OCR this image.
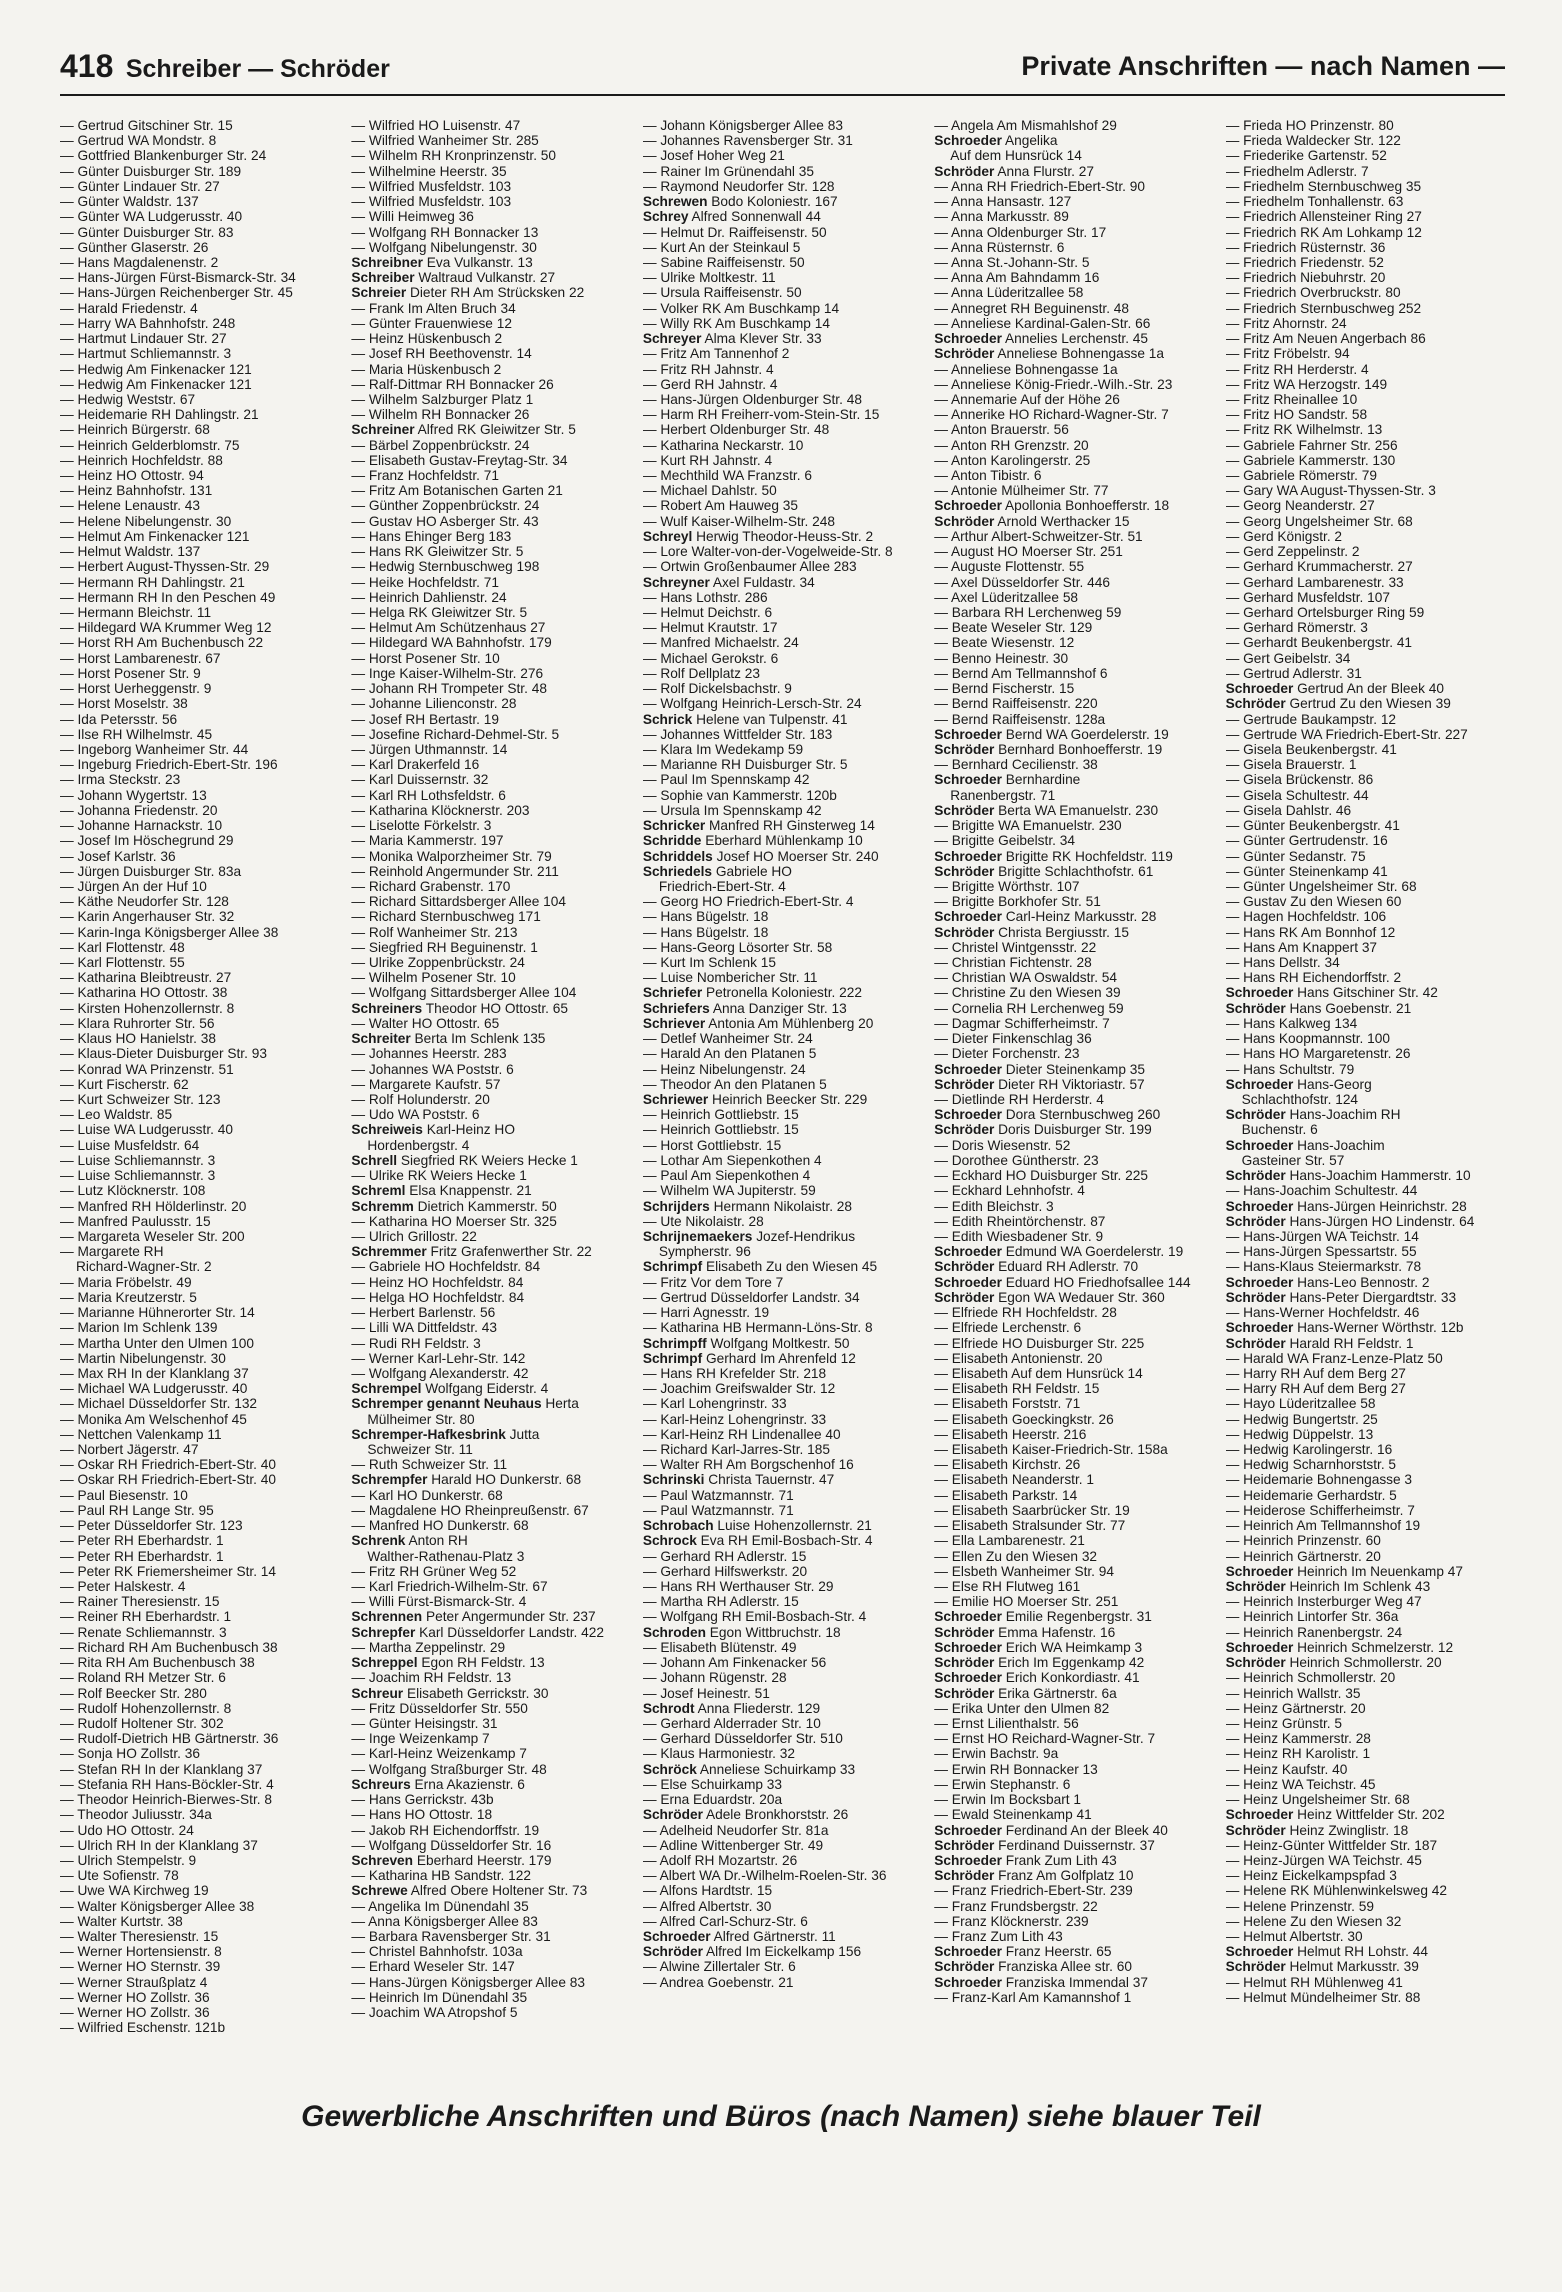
418 Schreiber — Schröder	Private Anschriften — nach Namen —
— Gertrud Gitschiner Str. 15
— Gertrud WA Mondstr. 8
— Gottfried Blankenburger Str. 24
— Günter Duisburger Str. 189
— Günter Lindauer Str. 27
— Günter Waldstr. 137
— Günter WA Ludgerusstr. 40
— Günter Duisburger Str. 83
— Günther Glaserstr. 26
— Hans Magdalenenstr. 2
— Hans-Jürgen Fürst-Bismarck-Str. 34
— Hans-Jürgen Reichenberger Str. 45
— Harald Friedenstr. 4
— Harry WA Bahnhofstr. 248
— Hartmut Lindauer Str. 27
— Hartmut Schliemannstr. 3
— Hedwig Am Finkenacker 121
— Hedwig Am Finkenacker 121
— Hedwig Weststr. 67
— Heidemarie RH Dahlingstr. 21
— Heinrich Bürgerstr. 68
— Heinrich Gelderblomstr. 75
— Heinrich Hochfeldstr. 88
— Heinz HO Ottostr. 94
— Heinz Bahnhofstr. 131
— Helene Lenaustr. 43
— Helene Nibelungenstr. 30
— Helmut Am Finkenacker 121
— Helmut Waldstr. 137
— Herbert August-Thyssen-Str. 29
— Hermann RH Dahlingstr. 21
— Hermann RH In den Peschen 49
— Hermann Bleichstr. 11
— Hildegard WA Krummer Weg 12
— Horst RH Am Buchenbusch 22
— Horst Lambarenestr. 67
— Horst Posener Str. 9
— Horst Uerheggenstr. 9
— Horst Moselstr. 38
— Ida Petersstr. 56
— Ilse RH Wilhelmstr. 45
— Ingeborg Wanheimer Str. 44
— Ingeburg Friedrich-Ebert-Str. 196
— Irma Steckstr. 23
— Johann Wygertstr. 13
— Johanna Friedenstr. 20
— Johanne Harnackstr. 10
— Josef Im Höschegrund 29
— Josef Karlstr. 36
— Jürgen Duisburger Str. 83a
— Jürgen An der Huf 10
— Käthe Neudorfer Str. 128
— Karin Angerhauser Str. 32
— Karin-Inga Königsberger Allee 38
— Karl Flottenstr. 48
— Karl Flottenstr. 55
— Katharina Bleibtreustr. 27
— Katharina HO Ottostr. 38
— Kirsten Hohenzollernstr. 8
— Klara Ruhrorter Str. 56
— Klaus HO Hanielstr. 38
— Klaus-Dieter Duisburger Str. 93
— Konrad WA Prinzenstr. 51
— Kurt Fischerstr. 62
— Kurt Schweizer Str. 123
— Leo Waldstr. 85
— Luise WA Ludgerusstr. 40
— Luise Musfeldstr. 64
— Luise Schliemannstr. 3
— Luise Schliemannstr. 3
— Lutz Klöcknerstr. 108
— Manfred RH Hölderlinstr. 20
— Manfred Paulusstr. 15
— Margareta Weseler Str. 200
— Margarete RH
Richard-Wagner-Str. 2
— Maria Fröbelstr. 49
— Maria Kreutzerstr. 5
— Marianne Hühnerorter Str. 14
— Marion Im Schlenk 139
— Martha Unter den Ulmen 100
— Martin Nibelungenstr. 30
— Max RH In der Klanklang 37
— Michael WA Ludgerusstr. 40
— Michael Düsseldorfer Str. 132
— Monika Am Welschenhof 45
— Nettchen Valenkamp 11
— Norbert Jägerstr. 47
— Oskar RH Friedrich-Ebert-Str. 40
— Oskar RH Friedrich-Ebert-Str. 40
— Paul Biesenstr. 10
— Paul RH Lange Str. 95
— Peter Düsseldorfer Str. 123
— Peter RH Eberhardstr. 1
— Peter RH Eberhardstr. 1
— Peter RK Friemersheimer Str. 14
— Peter Halskestr. 4
— Rainer Theresienstr. 15
— Reiner RH Eberhardstr. 1
— Renate Schliemannstr. 3
— Richard RH Am Buchenbusch 38
— Rita RH Am Buchenbusch 38
— Roland RH Metzer Str. 6
— Rolf Beecker Str. 280
— Rudolf Hohenzollernstr. 8
— Rudolf Holtener Str. 302
— Rudolf-Dietrich HB Gärtnerstr. 36
— Sonja HO Zollstr. 36
— Stefan RH In der Klanklang 37
— Stefania RH Hans-Böckler-Str. 4
— Theodor Heinrich-Bierwes-Str. 8
— Theodor Juliusstr. 34a
— Udo HO Ottostr. 24
— Ulrich RH In der Klanklang 37
— Ulrich Stempelstr. 9
— Ute Sofienstr. 78
— Uwe WA Kirchweg 19
— Walter Königsberger Allee 38
— Walter Kurtstr. 38
— Walter Theresienstr. 15
— Werner Hortensienstr. 8
— Werner HO Sternstr. 39
— Werner Straußplatz 4
— Werner HO Zollstr. 36
— Werner HO Zollstr. 36
— Wilfried Eschenstr. 121b
— Wilfried HO Luisenstr. 47
— Wilfried Wanheimer Str. 285
— Wilhelm RH Kronprinzenstr. 50
— Wilhelmine Heerstr. 35
— Wilfried Musfeldstr. 103
— Wilfried Musfeldstr. 103
— Willi Heimweg 36
— Wolfgang RH Bonnacker 13
— Wolfgang Nibelungenstr. 30
Schreibner Eva Vulkanstr. 13
Schreiber Waltraud Vulkanstr. 27
Schreier Dieter RH Am Strücksken 22
— Frank Im Alten Bruch 34
— Günter Frauenwiese 12
— Heinz Hüskenbusch 2
— Josef RH Beethovenstr. 14
— Maria Hüskenbusch 2
— Ralf-Dittmar RH Bonnacker 26
— Wilhelm Salzburger Platz 1
— Wilhelm RH Bonnacker 26
Schreiner Alfred RK Gleiwitzer Str. 5
— Bärbel Zoppenbrückstr. 24
— Elisabeth Gustav-Freytag-Str. 34
— Franz Hochfeldstr. 71
— Fritz Am Botanischen Garten 21
— Günther Zoppenbrückstr. 24
— Gustav HO Asberger Str. 43
— Hans Ehinger Berg 183
— Hans RK Gleiwitzer Str. 5
— Hedwig Sternbuschweg 198
— Heike Hochfeldstr. 71
— Heinrich Dahlienstr. 24
— Helga RK Gleiwitzer Str. 5
— Helmut Am Schützenhaus 27
— Hildegard WA Bahnhofstr. 179
— Horst Posener Str. 10
— Inge Kaiser-Wilhelm-Str. 276
— Johann RH Trompeter Str. 48
— Johanne Lilienconstr. 28
— Josef RH Bertastr. 19
— Josefine Richard-Dehmel-Str. 5
— Jürgen Uthmannstr. 14
— Karl Drakerfeld 16
— Karl Duissernstr. 32
— Karl RH Lothsfeldstr. 6
— Katharina Klöcknerstr. 203
— Liselotte Förkelstr. 3
— Maria Kammerstr. 197
— Monika Walporzheimer Str. 79
— Reinhold Angermunder Str. 211
— Richard Grabenstr. 170
— Richard Sittardsberger Allee 104
— Richard Sternbuschweg 171
— Rolf Wanheimer Str. 213
— Siegfried RH Beguinenstr. 1
— Ulrike Zoppenbrückstr. 24
— Wilhelm Posener Str. 10
— Wolfgang Sittardsberger Allee 104
Schreiners Theodor HO Ottostr. 65
— Walter HO Ottostr. 65
Schreiter Berta Im Schlenk 135
— Johannes Heerstr. 283
— Johannes WA Poststr. 6
— Margarete Kaufstr. 57
— Rolf Holunderstr. 20
— Udo WA Poststr. 6
Schreiweis Karl-Heinz HO
Hordenbergstr. 4
Schrell Siegfried RK Weiers Hecke 1
— Ulrike RK Weiers Hecke 1
Schreml Elsa Knappenstr. 21
Schremm Dietrich Kammerstr. 50
— Katharina HO Moerser Str. 325
— Ulrich Grillostr. 22
Schremmer Fritz Grafenwerther Str. 22
— Gabriele HO Hochfeldstr. 84
— Heinz HO Hochfeldstr. 84
— Helga HO Hochfeldstr. 84
— Herbert Barlenstr. 56
— Lilli WA Dittfeldstr. 43
— Rudi RH Feldstr. 3
— Werner Karl-Lehr-Str. 142
— Wolfgang Alexanderstr. 42
Schrempel Wolfgang Eiderstr. 4
Schremper genannt Neuhaus Herta
Mülheimer Str. 80
Schremper-Hafkesbrink Jutta
Schweizer Str. 11
— Ruth Schweizer Str. 11
Schrempfer Harald HO Dunkerstr. 68
— Karl HO Dunkerstr. 68
— Magdalene HO Rheinpreußenstr. 67
— Manfred HO Dunkerstr. 68
Schrenk Anton RH
Walther-Rathenau-Platz 3
— Fritz RH Grüner Weg 52
— Karl Friedrich-Wilhelm-Str. 67
— Willi Fürst-Bismarck-Str. 4
Schrennen Peter Angermunder Str. 237
Schrepfer Karl Düsseldorfer Landstr. 422
— Martha Zeppelinstr. 29
Schreppel Egon RH Feldstr. 13
— Joachim RH Feldstr. 13
Schreur Elisabeth Gerrickstr. 30
— Fritz Düsseldorfer Str. 550
— Günter Heisingstr. 31
— Inge Weizenkamp 7
— Karl-Heinz Weizenkamp 7
— Wolfgang Straßburger Str. 48
Schreurs Erna Akazienstr. 6
— Hans Gerrickstr. 43b
— Hans HO Ottostr. 18
— Jakob RH Eichendorffstr. 19
— Wolfgang Düsseldorfer Str. 16
Schreven Eberhard Heerstr. 179
— Katharina HB Sandstr. 122
Schrewe Alfred Obere Holtener Str. 73
— Angelika Im Dünendahl 35
— Anna Königsberger Allee 83
— Barbara Ravensberger Str. 31
— Christel Bahnhofstr. 103a
— Erhard Weseler Str. 147
— Hans-Jürgen Königsberger Allee 83
— Heinrich Im Dünendahl 35
— Joachim WA Atropshof 5
— Johann Königsberger Allee 83
— Johannes Ravensberger Str. 31
— Josef Hoher Weg 21
— Rainer Im Grünendahl 35
— Raymond Neudorfer Str. 128
Schrewen Bodo Koloniestr. 167
Schrey Alfred Sonnenwall 44
— Helmut Dr. Raiffeisenstr. 50
— Kurt An der Steinkaul 5
— Sabine Raiffeisenstr. 50
— Ulrike Moltkestr. 11
— Ursula Raiffeisenstr. 50
— Volker RK Am Buschkamp 14
— Willy RK Am Buschkamp 14
Schreyer Alma Klever Str. 33
— Fritz Am Tannenhof 2
— Fritz RH Jahnstr. 4
— Gerd RH Jahnstr. 4
— Hans-Jürgen Oldenburger Str. 48
— Harm RH Freiherr-vom-Stein-Str. 15
— Herbert Oldenburger Str. 48
— Katharina Neckarstr. 10
— Kurt RH Jahnstr. 4
— Mechthild WA Franzstr. 6
— Michael Dahlstr. 50
— Robert Am Hauweg 35
— Wulf Kaiser-Wilhelm-Str. 248
Schreyl Herwig Theodor-Heuss-Str. 2
— Lore Walter-von-der-Vogelweide-Str. 8
— Ortwin Großenbaumer Allee 283
Schreyner Axel Fuldastr. 34
— Hans Lothstr. 286
— Helmut Deichstr. 6
— Helmut Krautstr. 17
— Manfred Michaelstr. 24
— Michael Gerokstr. 6
— Rolf Dellplatz 23
— Rolf Dickelsbachstr. 9
— Wolfgang Heinrich-Lersch-Str. 24
Schrick Helene van Tulpenstr. 41
— Johannes Wittfelder Str. 183
— Klara Im Wedekamp 59
— Marianne RH Duisburger Str. 5
— Paul Im Spennskamp 42
— Sophie van Kammerstr. 120b
— Ursula Im Spennskamp 42
Schricker Manfred RH Ginsterweg 14
Schridde Eberhard Mühlenkamp 10
Schriddels Josef HO Moerser Str. 240
Schriedels Gabriele HO
Friedrich-Ebert-Str. 4
— Georg HO Friedrich-Ebert-Str. 4
— Hans Bügelstr. 18
— Hans Bügelstr. 18
— Hans-Georg Lösorter Str. 58
— Kurt Im Schlenk 15
— Luise Nombericher Str. 11
Schriefer Petronella Koloniestr. 222
Schriefers Anna Danziger Str. 13
Schriever Antonia Am Mühlenberg 20
— Detlef Wanheimer Str. 24
— Harald An den Platanen 5
— Heinz Nibelungenstr. 24
— Theodor An den Platanen 5
Schriewer Heinrich Beecker Str. 229
— Heinrich Gottliebstr. 15
— Heinrich Gottliebstr. 15
— Horst Gottliebstr. 15
— Lothar Am Siepenkothen 4
— Paul Am Siepenkothen 4
— Wilhelm WA Jupiterstr. 59
Schrijders Hermann Nikolaistr. 28
— Ute Nikolaistr. 28
Schrijnemaekers Jozef-Hendrikus
Sympherstr. 96
Schrimpf Elisabeth Zu den Wiesen 45
— Fritz Vor dem Tore 7
— Gertrud Düsseldorfer Landstr. 34
— Harri Agnesstr. 19
— Katharina HB Hermann-Löns-Str. 8
Schrimpff Wolfgang Moltkestr. 50
Schrimpf Gerhard Im Ahrenfeld 12
— Hans RH Krefelder Str. 218
— Joachim Greifswalder Str. 12
— Karl Lohengrinstr. 33
— Karl-Heinz Lohengrinstr. 33
— Karl-Heinz RH Lindenallee 40
— Richard Karl-Jarres-Str. 185
— Walter RH Am Borgschenhof 16
Schrinski Christa Tauernstr. 47
— Paul Watzmannstr. 71
— Paul Watzmannstr. 71
Schrobach Luise Hohenzollernstr. 21
Schrock Eva RH Emil-Bosbach-Str. 4
— Gerhard RH Adlerstr. 15
— Gerhard Hilfswerkstr. 20
— Hans RH Werthauser Str. 29
— Martha RH Adlerstr. 15
— Wolfgang RH Emil-Bosbach-Str. 4
Schroden Egon Wittbruchstr. 18
— Elisabeth Blütenstr. 49
— Johann Am Finkenacker 56
— Johann Rügenstr. 28
— Josef Heinestr. 51
Schrodt Anna Fliederstr. 129
— Gerhard Alderrader Str. 10
— Gerhard Düsseldorfer Str. 510
— Klaus Harmoniestr. 32
Schröck Anneliese Schuirkamp 33
— Else Schuirkamp 33
— Erna Eduardstr. 20a
Schröder Adele Bronkhorststr. 26
— Adelheid Neudorfer Str. 81a
— Adline Wittenberger Str. 49
— Adolf RH Mozartstr. 26
— Albert WA Dr.-Wilhelm-Roelen-Str. 36
— Alfons Hardtstr. 15
— Alfred Albertstr. 30
— Alfred Carl-Schurz-Str. 6
Schroeder Alfred Gärtnerstr. 11
Schröder Alfred Im Eickelkamp 156
— Alwine Zillertaler Str. 6
— Andrea Goebenstr. 21
— Angela Am Mismahlshof 29
Schroeder Angelika
Auf dem Hunsrück 14
Schröder Anna Flurstr. 27
— Anna RH Friedrich-Ebert-Str. 90
— Anna Hansastr. 127
— Anna Markusstr. 89
— Anna Oldenburger Str. 17
— Anna Rüsternstr. 6
— Anna St.-Johann-Str. 5
— Anna Am Bahndamm 16
— Anna Lüderitzallee 58
— Annegret RH Beguinenstr. 48
— Anneliese Kardinal-Galen-Str. 66
Schroeder Annelies Lerchenstr. 45
Schröder Anneliese Bohnengasse 1a
— Anneliese Bohnengasse 1a
— Anneliese König-Friedr.-Wilh.-Str. 23
— Annemarie Auf der Höhe 26
— Annerike HO Richard-Wagner-Str. 7
— Anton Brauerstr. 56
— Anton RH Grenzstr. 20
— Anton Karolingerstr. 25
— Anton Tibistr. 6
— Antonie Mülheimer Str. 77
Schroeder Apollonia Bonhoefferstr. 18
Schröder Arnold Werthacker 15
— Arthur Albert-Schweitzer-Str. 51
— August HO Moerser Str. 251
— Auguste Flottenstr. 55
— Axel Düsseldorfer Str. 446
— Axel Lüderitzallee 58
— Barbara RH Lerchenweg 59
— Beate Weseler Str. 129
— Beate Wiesenstr. 12
— Benno Heinestr. 30
— Bernd Am Tellmannshof 6
— Bernd Fischerstr. 15
— Bernd Raiffeisenstr. 220
— Bernd Raiffeisenstr. 128a
Schroeder Bernd WA Goerdelerstr. 19
Schröder Bernhard Bonhoefferstr. 19
— Bernhard Cecilienstr. 38
Schroeder Bernhardine
Ranenbergstr. 71
Schröder Berta WA Emanuelstr. 230
— Brigitte WA Emanuelstr. 230
— Brigitte Geibelstr. 34
Schroeder Brigitte RK Hochfeldstr. 119
Schröder Brigitte Schlachthofstr. 61
— Brigitte Wörthstr. 107
— Brigitte Borkhofer Str. 51
Schroeder Carl-Heinz Markusstr. 28
Schröder Christa Bergiusstr. 15
— Christel Wintgensstr. 22
— Christian Fichtenstr. 28
— Christian WA Oswaldstr. 54
— Christine Zu den Wiesen 39
— Cornelia RH Lerchenweg 59
— Dagmar Schifferheimstr. 7
— Dieter Finkenschlag 36
— Dieter Forchenstr. 23
Schroeder Dieter Steinenkamp 35
Schröder Dieter RH Viktoriastr. 57
— Dietlinde RH Herderstr. 4
Schroeder Dora Sternbuschweg 260
Schröder Doris Duisburger Str. 199
— Doris Wiesenstr. 52
— Dorothee Güntherstr. 23
— Eckhard HO Duisburger Str. 225
— Eckhard Lehnhofstr. 4
— Edith Bleichstr. 3
— Edith Rheintörchenstr. 87
— Edith Wiesbadener Str. 9
Schroeder Edmund WA Goerdelerstr. 19
Schröder Eduard RH Adlerstr. 70
Schroeder Eduard HO Friedhofsallee 144
Schröder Egon WA Wedauer Str. 360
— Elfriede RH Hochfeldstr. 28
— Elfriede Lerchenstr. 6
— Elfriede HO Duisburger Str. 225
— Elisabeth Antonienstr. 20
— Elisabeth Auf dem Hunsrück 14
— Elisabeth RH Feldstr. 15
— Elisabeth Forststr. 71
— Elisabeth Goeckingkstr. 26
— Elisabeth Heerstr. 216
— Elisabeth Kaiser-Friedrich-Str. 158a
— Elisabeth Kirchstr. 26
— Elisabeth Neanderstr. 1
— Elisabeth Parkstr. 14
— Elisabeth Saarbrücker Str. 19
— Elisabeth Stralsunder Str. 77
— Ella Lambarenestr. 21
— Ellen Zu den Wiesen 32
— Elsbeth Wanheimer Str. 94
— Else RH Flutweg 161
— Emilie HO Moerser Str. 251
Schroeder Emilie Regenbergstr. 31
Schröder Emma Hafenstr. 16
Schroeder Erich WA Heimkamp 3
Schröder Erich Im Eggenkamp 42
Schroeder Erich Konkordiastr. 41
Schröder Erika Gärtnerstr. 6a
— Erika Unter den Ulmen 82
— Ernst Lilienthalstr. 56
— Ernst HO Reichard-Wagner-Str. 7
— Erwin Bachstr. 9a
— Erwin RH Bonnacker 13
— Erwin Stephanstr. 6
— Erwin Im Bocksbart 1
— Ewald Steinenkamp 41
Schroeder Ferdinand An der Bleek 40
Schröder Ferdinand Duissernstr. 37
Schroeder Frank Zum Lith 43
Schröder Franz Am Golfplatz 10
— Franz Friedrich-Ebert-Str. 239
— Franz Frundsbergstr. 22
— Franz Klöcknerstr. 239
— Franz Zum Lith 43
Schroeder Franz Heerstr. 65
Schröder Franziska Allee str. 60
Schroeder Franziska Immendal 37
— Franz-Karl Am Kamannshof 1
— Frieda HO Prinzenstr. 80
— Frieda Waldecker Str. 122
— Friederike Gartenstr. 52
— Friedhelm Adlerstr. 7
— Friedhelm Sternbuschweg 35
— Friedhelm Tonhallenstr. 63
— Friedrich Allensteiner Ring 27
— Friedrich RK Am Lohkamp 12
— Friedrich Rüsternstr. 36
— Friedrich Friedenstr. 52
— Friedrich Niebuhrstr. 20
— Friedrich Overbruckstr. 80
— Friedrich Sternbuschweg 252
— Fritz Ahornstr. 24
— Fritz Am Neuen Angerbach 86
— Fritz Fröbelstr. 94
— Fritz RH Herderstr. 4
— Fritz WA Herzogstr. 149
— Fritz Rheinallee 10
— Fritz HO Sandstr. 58
— Fritz RK Wilhelmstr. 13
— Gabriele Fahrner Str. 256
— Gabriele Kammerstr. 130
— Gabriele Römerstr. 79
— Gary WA August-Thyssen-Str. 3
— Georg Neanderstr. 27
— Georg Ungelsheimer Str. 68
— Gerd Königstr. 2
— Gerd Zeppelinstr. 2
— Gerhard Krummacherstr. 27
— Gerhard Lambarenestr. 33
— Gerhard Musfeldstr. 107
— Gerhard Ortelsburger Ring 59
— Gerhard Römerstr. 3
— Gerhardt Beukenbergstr. 41
— Gert Geibelstr. 34
— Gertrud Adlerstr. 31
Schroeder Gertrud An der Bleek 40
Schröder Gertrud Zu den Wiesen 39
— Gertrude Baukampstr. 12
— Gertrude WA Friedrich-Ebert-Str. 227
— Gisela Beukenbergstr. 41
— Gisela Brauerstr. 1
— Gisela Brückenstr. 86
— Gisela Schultestr. 44
— Gisela Dahlstr. 46
— Günter Beukenbergstr. 41
— Günter Gertrudenstr. 16
— Günter Sedanstr. 75
— Günter Steinenkamp 41
— Günter Ungelsheimer Str. 68
— Gustav Zu den Wiesen 60
— Hagen Hochfeldstr. 106
— Hans RK Am Bonnhof 12
— Hans Am Knappert 37
— Hans Dellstr. 34
— Hans RH Eichendorffstr. 2
Schroeder Hans Gitschiner Str. 42
Schröder Hans Goebenstr. 21
— Hans Kalkweg 134
— Hans Koopmannstr. 100
— Hans HO Margaretenstr. 26
— Hans Schultstr. 79
Schroeder Hans-Georg
Schlachthofstr. 124
Schröder Hans-Joachim RH
Buchenstr. 6
Schroeder Hans-Joachim
Gasteiner Str. 57
Schröder Hans-Joachim Hammerstr. 10
— Hans-Joachim Schultestr. 44
Schroeder Hans-Jürgen Heinrichstr. 28
Schröder Hans-Jürgen HO Lindenstr. 64
— Hans-Jürgen WA Teichstr. 14
— Hans-Jürgen Spessartstr. 55
— Hans-Klaus Steiermarkstr. 78
Schroeder Hans-Leo Bennostr. 2
Schröder Hans-Peter Diergardtstr. 33
— Hans-Werner Hochfeldstr. 46
Schroeder Hans-Werner Wörthstr. 12b
Schröder Harald RH Feldstr. 1
— Harald WA Franz-Lenze-Platz 50
— Harry RH Auf dem Berg 27
— Harry RH Auf dem Berg 27
— Hayo Lüderitzallee 58
— Hedwig Bungertstr. 25
— Hedwig Düppelstr. 13
— Hedwig Karolingerstr. 16
— Hedwig Scharnhorststr. 5
— Heidemarie Bohnengasse 3
— Heidemarie Gerhardstr. 5
— Heiderose Schifferheimstr. 7
— Heinrich Am Tellmannshof 19
— Heinrich Prinzenstr. 60
— Heinrich Gärtnerstr. 20
Schroeder Heinrich Im Neuenkamp 47
Schröder Heinrich Im Schlenk 43
— Heinrich Insterburger Weg 47
— Heinrich Lintorfer Str. 36a
— Heinrich Ranenbergstr. 24
Schroeder Heinrich Schmelzerstr. 12
Schröder Heinrich Schmollerstr. 20
— Heinrich Schmollerstr. 20
— Heinrich Wallstr. 35
— Heinz Gärtnerstr. 20
— Heinz Grünstr. 5
— Heinz Kammerstr. 28
— Heinz RH Karolistr. 1
— Heinz Kaufstr. 40
— Heinz WA Teichstr. 45
— Heinz Ungelsheimer Str. 68
Schroeder Heinz Wittfelder Str. 202
Schröder Heinz Zwinglistr. 18
— Heinz-Günter Wittfelder Str. 187
— Heinz-Jürgen WA Teichstr. 45
— Heinz Eickelkampspfad 3
— Helene RK Mühlenwinkelsweg 42
— Helene Prinzenstr. 59
— Helene Zu den Wiesen 32
— Helmut Albertstr. 30
Schroeder Helmut RH Lohstr. 44
Schröder Helmut Markusstr. 39
— Helmut RH Mühlenweg 41
— Helmut Mündelheimer Str. 88
Gewerbliche Anschriften und Büros (nach Namen) siehe blauer Teil
